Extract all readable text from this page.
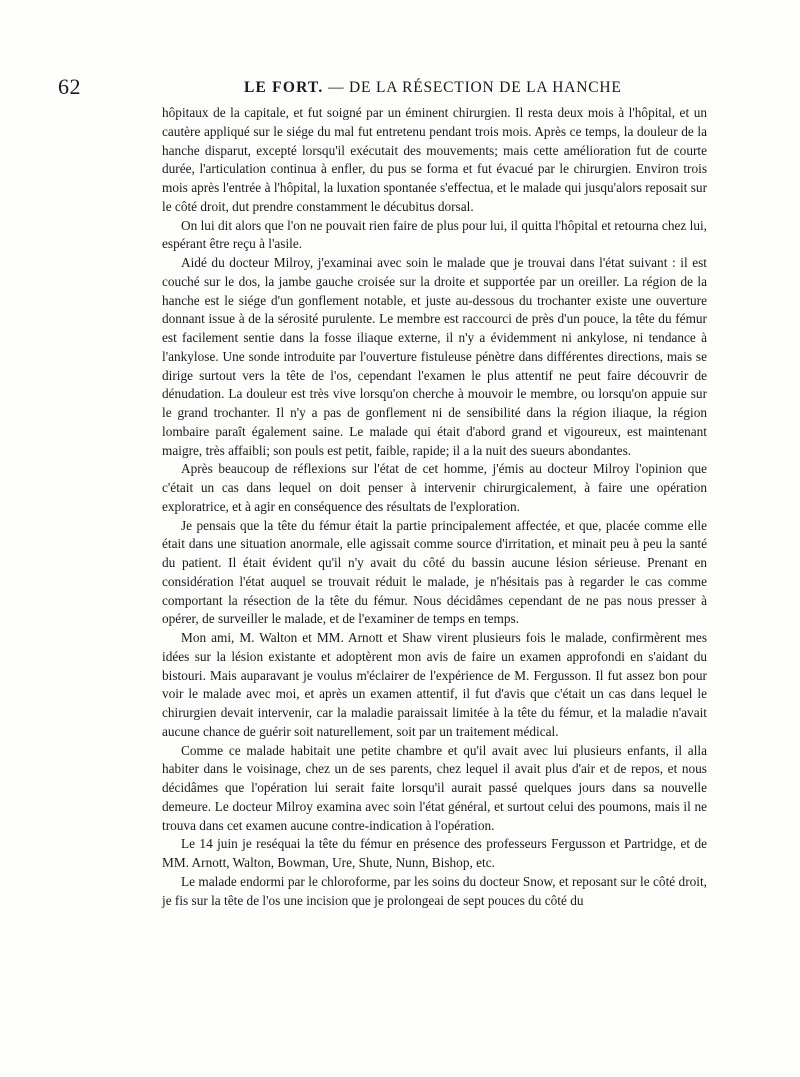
62	LE FORT. — DE LA RÉSECTION DE LA HANCHE

hôpitaux de la capitale, et fut soigné par un éminent chirurgien. Il resta deux mois à l'hôpital, et un cautère appliqué sur le siége du mal fut entretenu pendant trois mois. Après ce temps, la douleur de la hanche disparut, excepté lorsqu'il exécutait des mouvements; mais cette amélioration fut de courte durée, l'articulation continua à enfler, du pus se forma et fut évacué par le chirurgien. Environ trois mois après l'entrée à l'hôpital, la luxation spontanée s'effectua, et le malade qui jusqu'alors reposait sur le côté droit, dut prendre constamment le décubitus dorsal.

On lui dit alors que l'on ne pouvait rien faire de plus pour lui, il quitta l'hôpital et retourna chez lui, espérant être reçu à l'asile.

Aidé du docteur Milroy, j'examinai avec soin le malade que je trouvai dans l'état suivant : il est couché sur le dos, la jambe gauche croisée sur la droite et supportée par un oreiller. La région de la hanche est le siége d'un gonflement notable, et juste au-dessous du trochanter existe une ouverture donnant issue à de la sérosité purulente. Le membre est raccourci de près d'un pouce, la tête du fémur est facilement sentie dans la fosse iliaque externe, il n'y a évidemment ni ankylose, ni tendance à l'ankylose. Une sonde introduite par l'ouverture fistuleuse pénètre dans différentes directions, mais se dirige surtout vers la tête de l'os, cependant l'examen le plus attentif ne peut faire découvrir de dénudation. La douleur est très vive lorsqu'on cherche à mouvoir le membre, ou lorsqu'on appuie sur le grand trochanter. Il n'y a pas de gonflement ni de sensibilité dans la région iliaque, la région lombaire paraît également saine. Le malade qui était d'abord grand et vigoureux, est maintenant maigre, très affaibli; son pouls est petit, faible, rapide; il a la nuit des sueurs abondantes.

Après beaucoup de réflexions sur l'état de cet homme, j'émis au docteur Milroy l'opinion que c'était un cas dans lequel on doit penser à intervenir chirurgicalement, à faire une opération exploratrice, et à agir en conséquence des résultats de l'exploration.

Je pensais que la tête du fémur était la partie principalement affectée, et que, placée comme elle était dans une situation anormale, elle agissait comme source d'irritation, et minait peu à peu la santé du patient. Il était évident qu'il n'y avait du côté du bassin aucune lésion sérieuse. Prenant en considération l'état auquel se trouvait réduit le malade, je n'hésitais pas à regarder le cas comme comportant la résection de la tête du fémur. Nous décidâmes cependant de ne pas nous presser à opérer, de surveiller le malade, et de l'examiner de temps en temps.

Mon ami, M. Walton et MM. Arnott et Shaw virent plusieurs fois le malade, confirmèrent mes idées sur la lésion existante et adoptèrent mon avis de faire un examen approfondi en s'aidant du bistouri. Mais auparavant je voulus m'éclairer de l'expérience de M. Fergusson. Il fut assez bon pour voir le malade avec moi, et après un examen attentif, il fut d'avis que c'était un cas dans lequel le chirurgien devait intervenir, car la maladie paraissait limitée à la tête du fémur, et la maladie n'avait aucune chance de guérir soit naturellement, soit par un traitement médical.

Comme ce malade habitait une petite chambre et qu'il avait avec lui plusieurs enfants, il alla habiter dans le voisinage, chez un de ses parents, chez lequel il avait plus d'air et de repos, et nous décidâmes que l'opération lui serait faite lorsqu'il aurait passé quelques jours dans sa nouvelle demeure. Le docteur Milroy examina avec soin l'état général, et surtout celui des poumons, mais il ne trouva dans cet examen aucune contre-indication à l'opération.

Le 14 juin je reséquai la tête du fémur en présence des professeurs Fergusson et Partridge, et de MM. Arnott, Walton, Bowman, Ure, Shute, Nunn, Bishop, etc.

Le malade endormi par le chloroforme, par les soins du docteur Snow, et reposant sur le côté droit, je fis sur la tête de l'os une incision que je prolongeai de sept pouces du côté du
